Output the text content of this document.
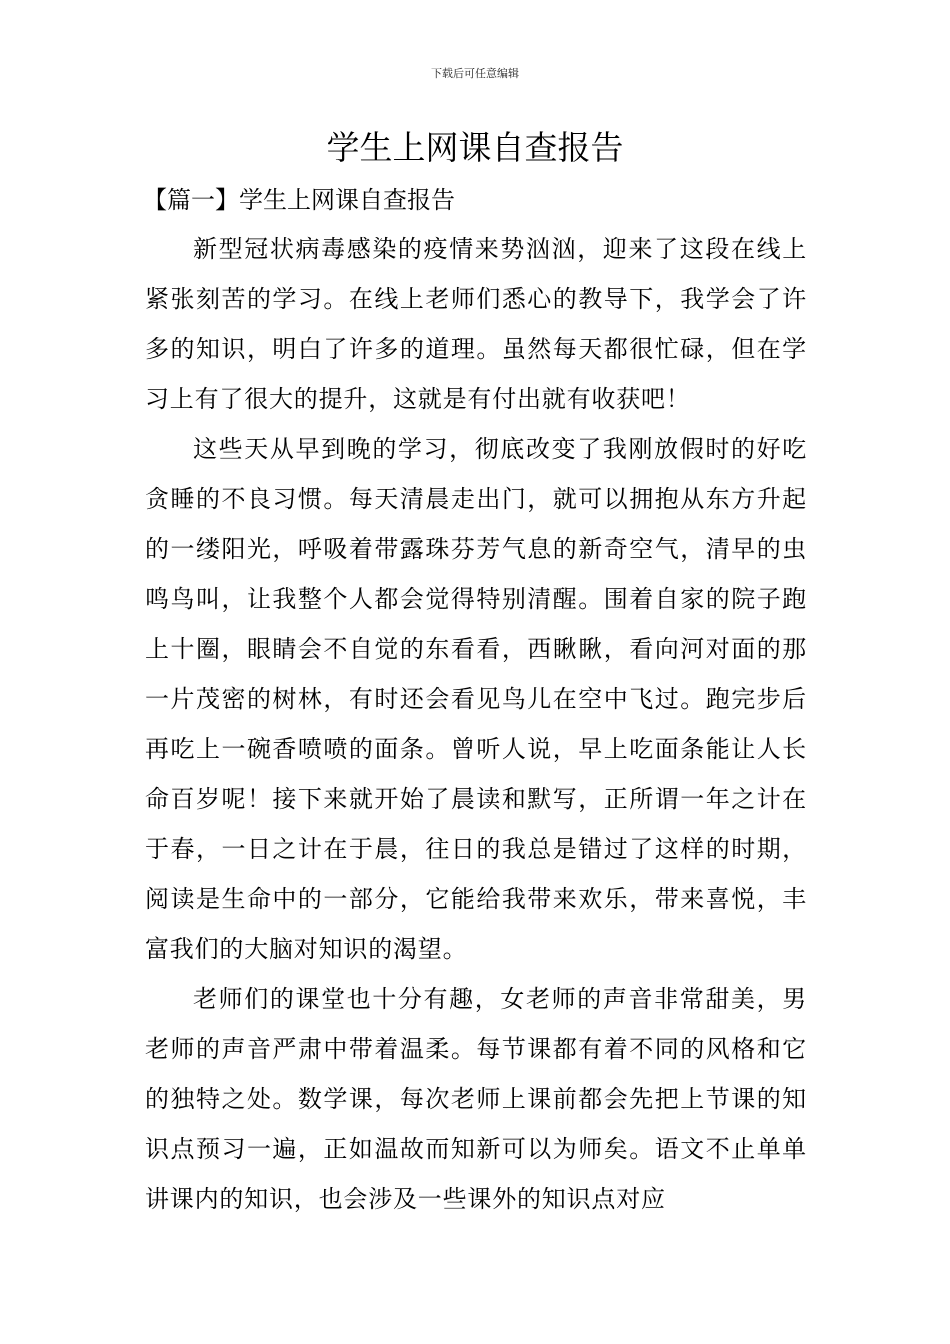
下载后可任意编辑
学生上网课自查报告
【篇一】学生上网课自查报告

新型冠状病毒感染的疫情来势汹汹，迎来了这段在线上紧张刻苦的学习。在线上老师们悉心的教导下，我学会了许多的知识，明白了许多的道理。虽然每天都很忙碌，但在学习上有了很大的提升，这就是有付出就有收获吧！

这些天从早到晚的学习，彻底改变了我刚放假时的好吃贪睡的不良习惯。每天清晨走出门，就可以拥抱从东方升起的一缕阳光，呼吸着带露珠芬芳气息的新奇空气，清早的虫鸣鸟叫，让我整个人都会觉得特别清醒。围着自家的院子跑上十圈，眼睛会不自觉的东看看，西瞅瞅，看向河对面的那一片茂密的树林，有时还会看见鸟儿在空中飞过。跑完步后再吃上一碗香喷喷的面条。曾听人说，早上吃面条能让人长命百岁呢！接下来就开始了晨读和默写，正所谓一年之计在于春，一日之计在于晨，往日的我总是错过了这样的时期，阅读是生命中的一部分，它能给我带来欢乐，带来喜悦，丰富我们的大脑对知识的渴望。

老师们的课堂也十分有趣，女老师的声音非常甜美，男老师的声音严肃中带着温柔。每节课都有着不同的风格和它的独特之处。数学课，每次老师上课前都会先把上节课的知识点预习一遍，正如温故而知新可以为师矣。语文不止单单讲课内的知识，也会涉及一些课外的知识点对应
